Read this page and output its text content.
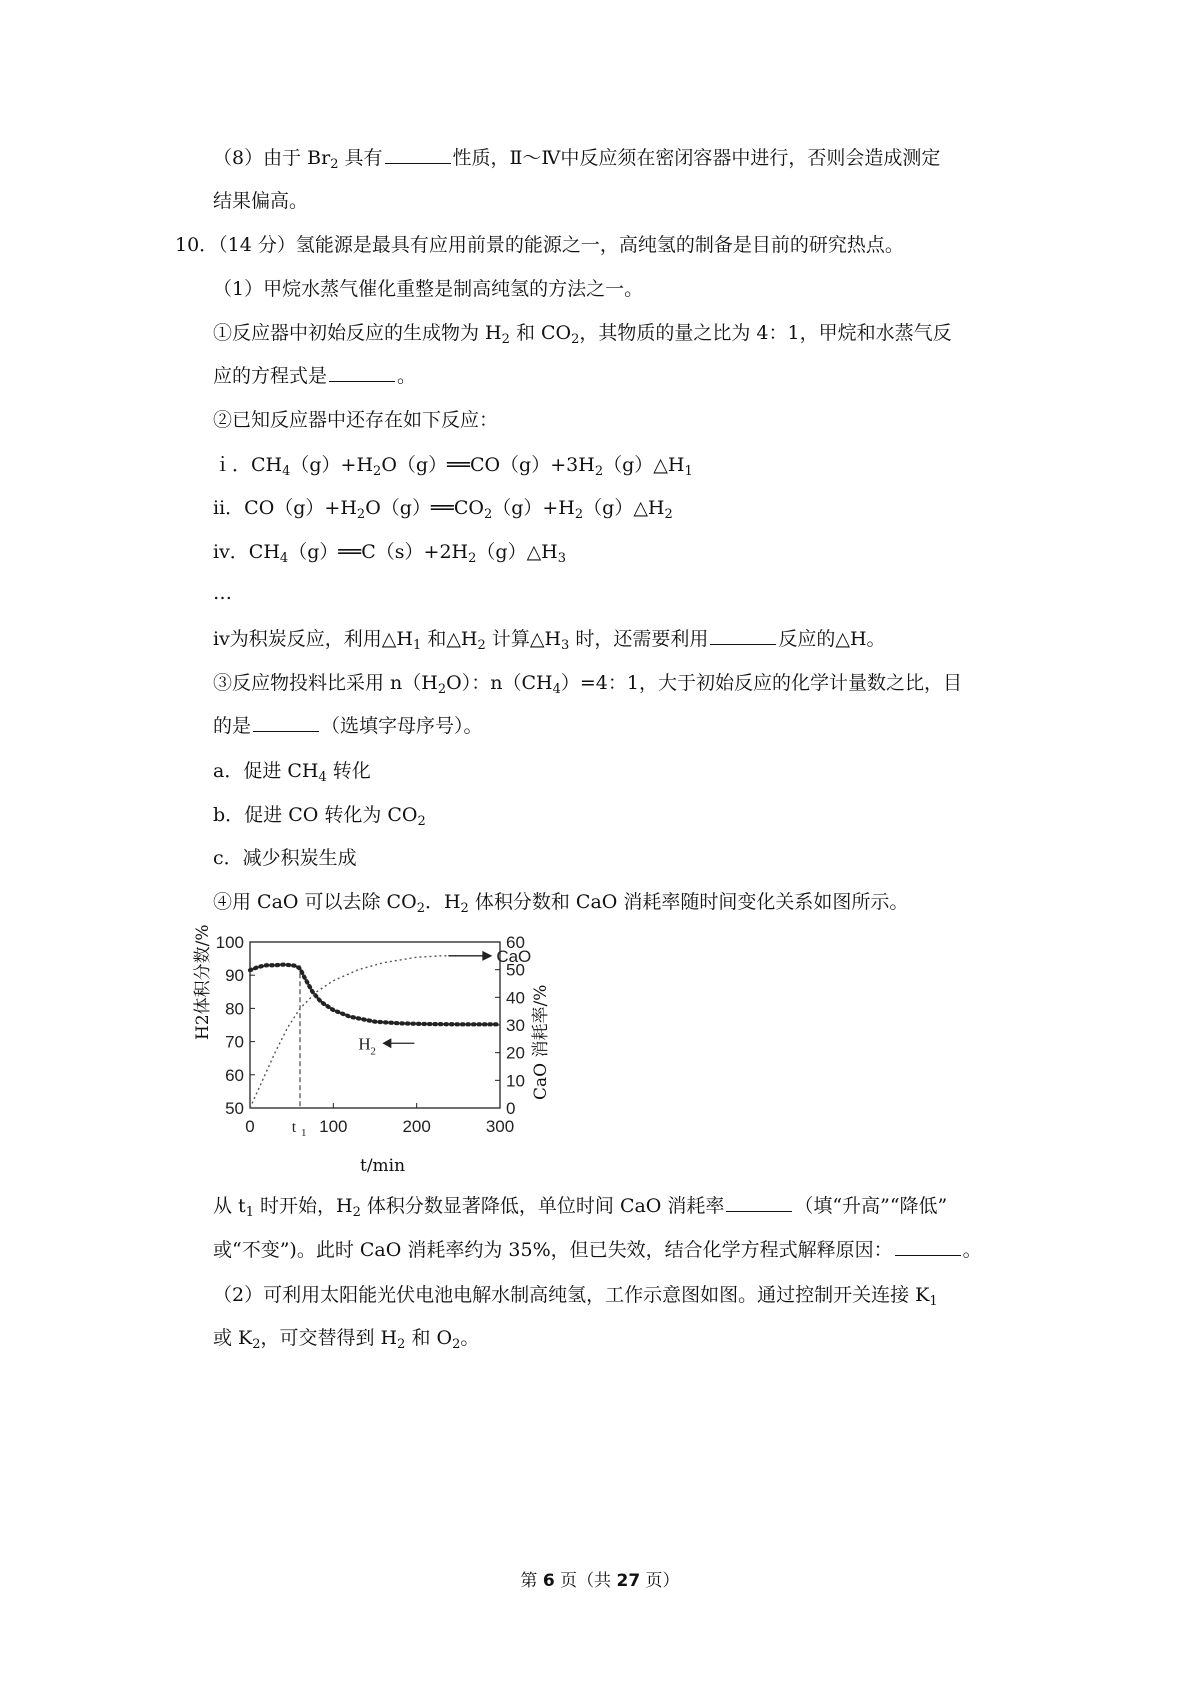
（8）由于 $Br_2$ 具有	性质，Ⅱ～Ⅳ中反应须在密闭容器中进行，否则会造成测定
结果偏高。
10．（14 分）氢能源是最具有应用前景的能源之一，高纯氢的制备是目前的研究热点。
（1）甲烷水蒸气催化重整是制高纯氢的方法之一。
①反应器中初始反应的生成物为 $H_2$ 和 $CO_2$，其物质的量之比为 4：1，甲烷和水蒸气反
应的方程式是	。
②已知反应器中还存在如下反应：
ｉ．$CH_4(g)+H_2O(g)══CO(g)+3H_2(g)\triangle H_1$
ⅱ．$CO(g)+H_2O(g)══CO_2(g)+H_2(g)\triangle H_2$
ⅳ．$CH_4(g)══C(s)+2H_2(g)\triangle H_3$
…
ⅳ为积炭反应，利用$\triangle H_1$ 和$\triangle H_2$ 计算$\triangle H_3$ 时，还需要利用	反应的△H。
③反应物投料比采用 $n(H_2O)$：$n(CH_4)=4$：1，大于初始反应的化学计量数之比，目
的是	（选填字母序号）。
a．促进 $CH_4$ 转化
b．促进 CO 转化为 $CO_2$
c．减少积炭生成
④用 CaO 可以去除 $CO_2$．$H_2$ 体积分数和 CaO 消耗率随时间变化关系如图所示。
50
60
70
80
90
100
0
10
20
30
40
50
60
0	100	200	300
t 1
CaO
H 2
t/min
H2体积分数/%
CaO 消耗率/%
从 $t_1$ 时开始，$H_2$ 体积分数显著降低，单位时间 CaO 消耗率	（填“升高”“降低”
或“不变”)。此时 CaO 消耗率约为 35%，但已失效，结合化学方程式解释原因：	。
（2）可利用太阳能光伏电池电解水制高纯氢，工作示意图如图。通过控制开关连接 $K_1$
或 $K_2$，可交替得到 $H_2$ 和 $O_2$。
第 6 页（共 27 页）
